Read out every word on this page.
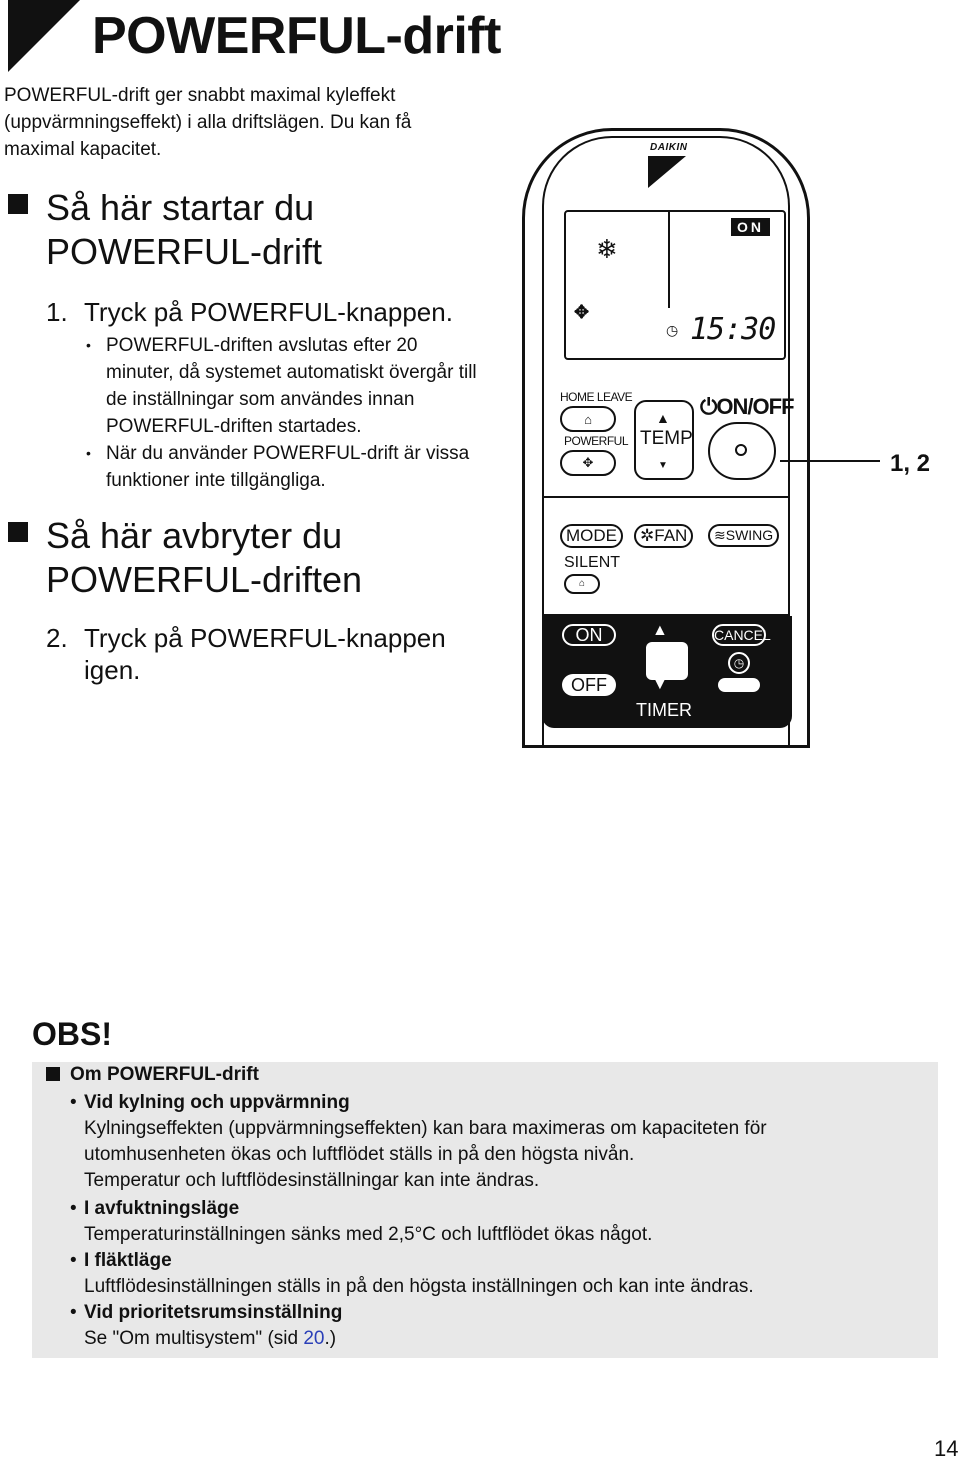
POWERFUL-drift

POWERFUL-drift ger snabbt maximal kyleffekt (uppvärmningseffekt) i alla driftslägen. Du kan få maximal kapacitet.

Så här startar du
POWERFUL-drift
1. Tryck på POWERFUL-knappen.
• POWERFUL-driften avslutas efter 20 minuter, då systemet automatiskt övergår till de inställningar som användes innan POWERFUL-driften startades.
• När du använder POWERFUL-drift är vissa funktioner inte tillgängliga.
Så här avbryter du
POWERFUL-driften
2. Tryck på POWERFUL-knappen
igen.
DAIKIN
ON
❄
✥
◷ 15:30
HOME LEAVE
⌂
POWERFUL
✥
▲
TEMP
▼
⏻ON/OFF
MODE	✲FAN	≋SWING
SILENT
⌂
ON
OFF
▲
▼
TIMER
CANCEL
◷
1, 2
OBS!
Om POWERFUL-drift
• Vid kylning och uppvärmning
Kylningseffekten (uppvärmningseffekten) kan bara maximeras om kapaciteten för
utomhusenheten ökas och luftflödet ställs in på den högsta nivån.
Temperatur och luftflödesinställningar kan inte ändras.
• I avfuktningsläge
Temperaturinställningen sänks med 2,5°C och luftflödet ökas något.
• I fläktläge
Luftflödesinställningen ställs in på den högsta inställningen och kan inte ändras.
• Vid prioritetsrumsinställning
Se "Om multisystem" (sid 20.)
14
